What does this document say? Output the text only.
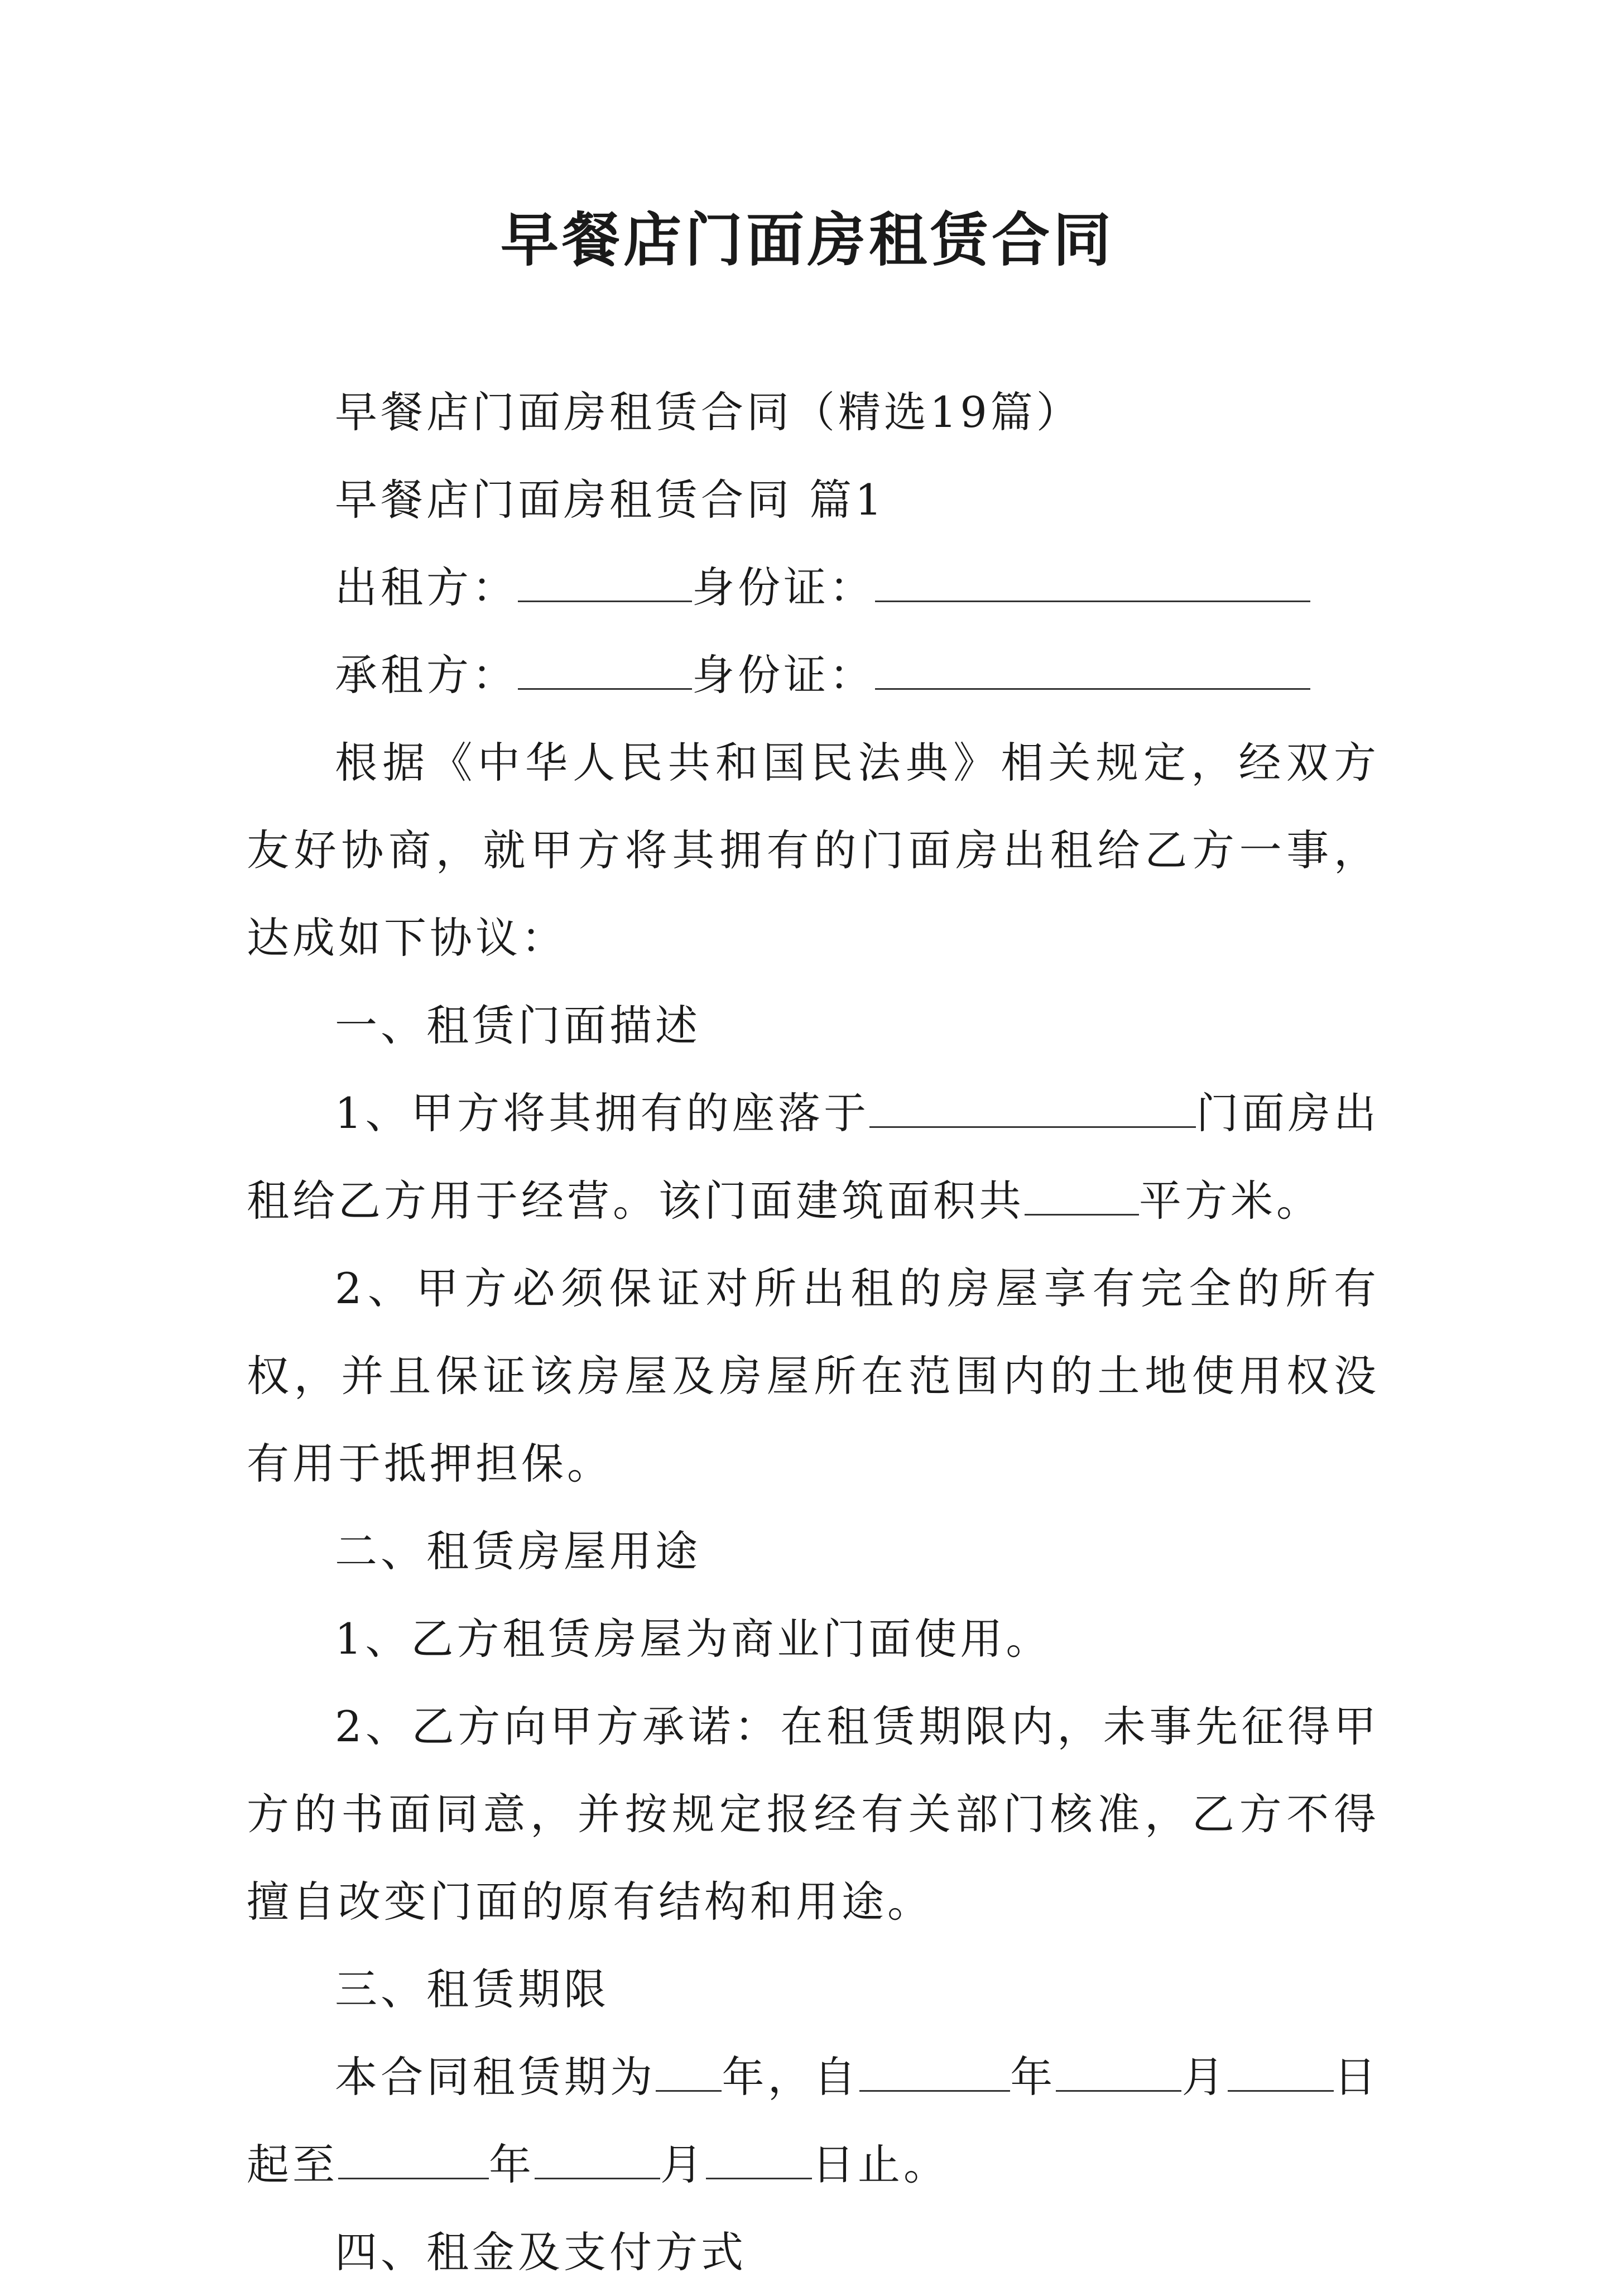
早餐店门面房租赁合同

早餐店门面房租赁合同（精选19篇）

早餐店门面房租赁合同 篇1

出租方：	身份证：

承租方：	身份证：

根据《中华人民共和国民法典》相关规定，经双方友好协商，就甲方将其拥有的门面房出租给乙方一事，达成如下协议：

一、租赁门面描述

1、甲方将其拥有的座落于	门面房出租给乙方用于经营。该门面建筑面积共	平方米。

2、甲方必须保证对所出租的房屋享有完全的所有权，并且保证该房屋及房屋所在范围内的土地使用权没有用于抵押担保。

二、租赁房屋用途

1、乙方租赁房屋为商业门面使用。

2、乙方向甲方承诺：在租赁期限内，未事先征得甲方的书面同意，并按规定报经有关部门核准，乙方不得擅自改变门面的原有结构和用途。

三、租赁期限

本合同租赁期为 年，自	年	月	日起至	年	月	日止。

四、租金及支付方式
